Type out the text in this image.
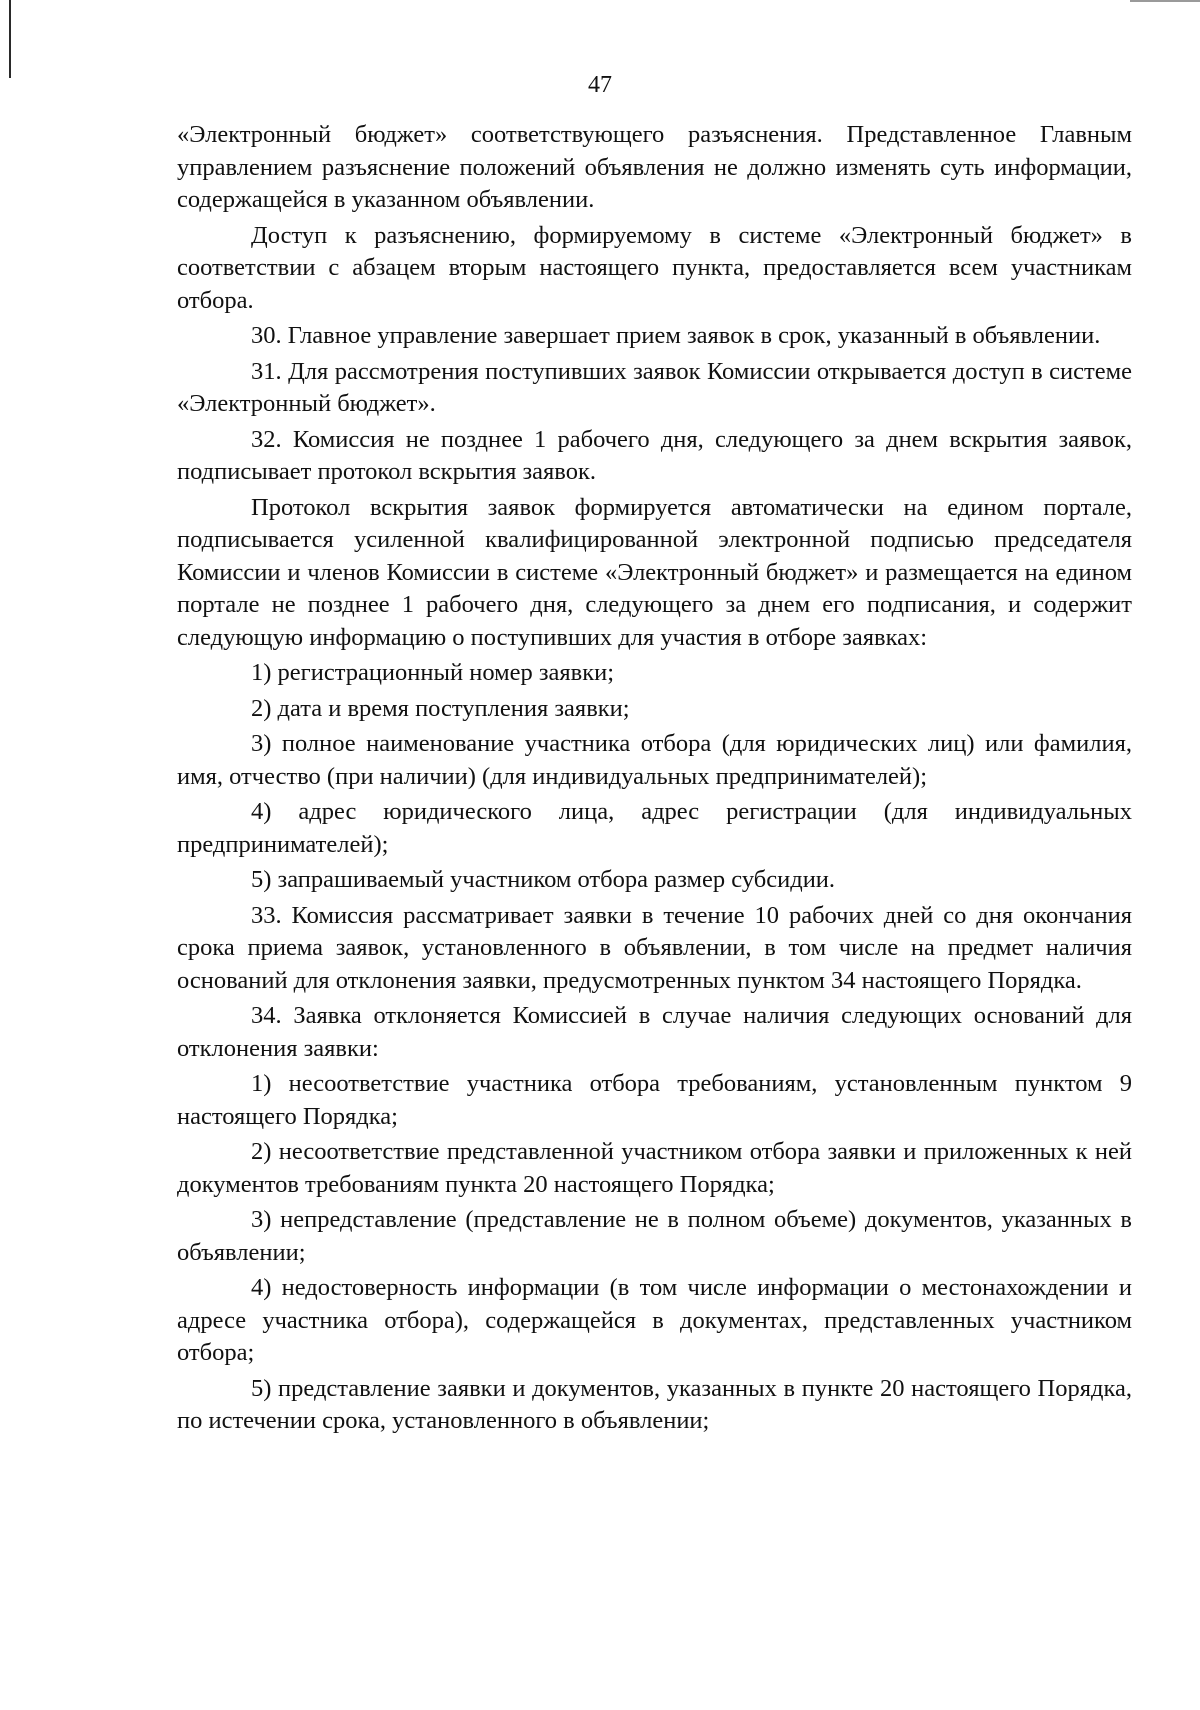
47

«Электронный бюджет» соответствующего разъяснения. Представленное Главным управлением разъяснение положений объявления не должно изменять суть информации, содержащейся в указанном объявлении.

Доступ к разъяснению, формируемому в системе «Электронный бюджет» в соответствии с абзацем вторым настоящего пункта, предоставляется всем участникам отбора.

30. Главное управление завершает прием заявок в срок, указанный в объявлении.

31. Для рассмотрения поступивших заявок Комиссии открывается доступ в системе «Электронный бюджет».

32. Комиссия не позднее 1 рабочего дня, следующего за днем вскрытия заявок, подписывает протокол вскрытия заявок.

Протокол вскрытия заявок формируется автоматически на едином портале, подписывается усиленной квалифицированной электронной подписью председателя Комиссии и членов Комиссии в системе «Электронный бюджет» и размещается на едином портале не позднее 1 рабочего дня, следующего за днем его подписания, и содержит следующую информацию о поступивших для участия в отборе заявках:

1) регистрационный номер заявки;

2) дата и время поступления заявки;

3) полное наименование участника отбора (для юридических лиц) или фамилия, имя, отчество (при наличии) (для индивидуальных предпринимателей);

4) адрес юридического лица, адрес регистрации (для индивидуальных предпринимателей);

5) запрашиваемый участником отбора размер субсидии.

33. Комиссия рассматривает заявки в течение 10 рабочих дней со дня окончания срока приема заявок, установленного в объявлении, в том числе на предмет наличия оснований для отклонения заявки, предусмотренных пунктом 34 настоящего Порядка.

34. Заявка отклоняется Комиссией в случае наличия следующих оснований для отклонения заявки:

1) несоответствие участника отбора требованиям, установленным пунктом 9 настоящего Порядка;

2) несоответствие представленной участником отбора заявки и приложенных к ней документов требованиям пункта 20 настоящего Порядка;

3) непредставление (представление не в полном объеме) документов, указанных в объявлении;

4) недостоверность информации (в том числе информации о местонахождении и адресе участника отбора), содержащейся в документах, представленных участником отбора;

5) представление заявки и документов, указанных в пункте 20 настоящего Порядка, по истечении срока, установленного в объявлении;
